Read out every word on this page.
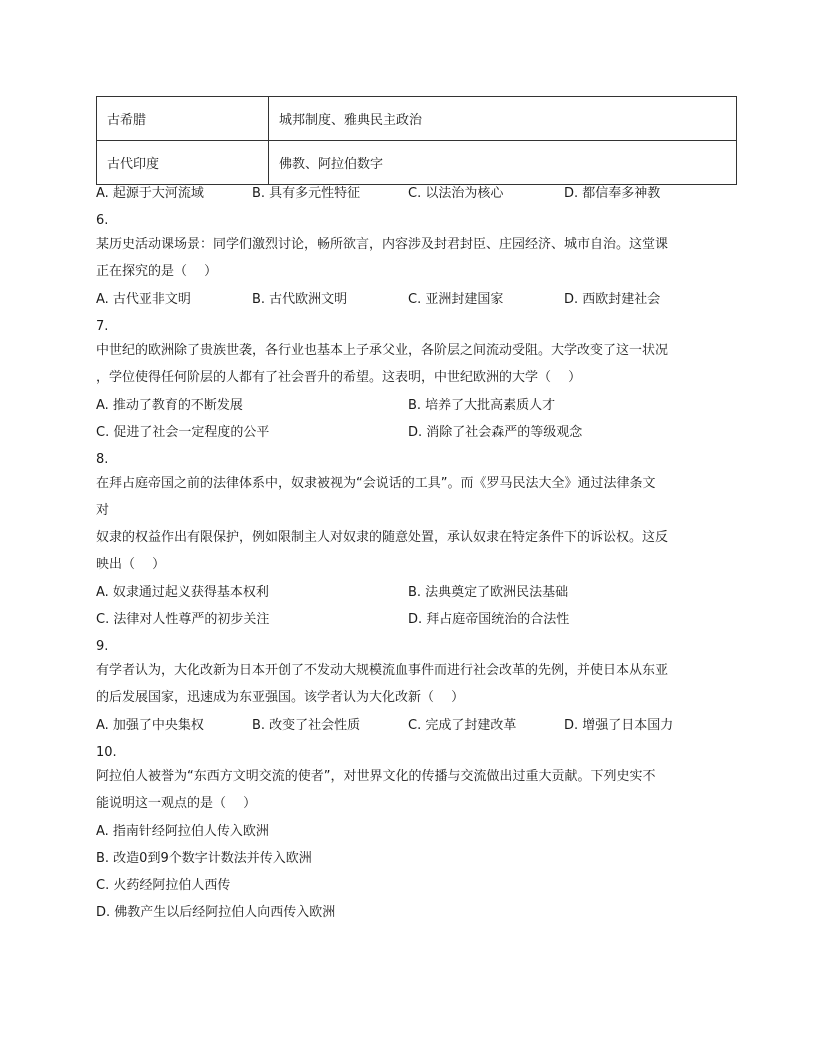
古希腊	城邦制度、雅典民主政治
古代印度	佛教、阿拉伯数字
A. 起源于大河流域	B. 具有多元性特征	C. 以法治为核心	D. 都信奉多神教
6.
某历史活动课场景：同学们激烈讨论，畅所欲言，内容涉及封君封臣、庄园经济、城市自治。这堂课
正在探究的是（　 ）
A. 古代亚非文明	B. 古代欧洲文明	C. 亚洲封建国家	D. 西欧封建社会
7.
中世纪的欧洲除了贵族世袭，各行业也基本上子承父业，各阶层之间流动受阻。大学改变了这一状况
，学位使得任何阶层的人都有了社会晋升的希望。这表明，中世纪欧洲的大学（　 ）
A. 推动了教育的不断发展	B. 培养了大批高素质人才
C. 促进了社会一定程度的公平	D. 消除了社会森严的等级观念
8.
在拜占庭帝国之前的法律体系中，奴隶被视为“会说话的工具”。而《罗马民法大全》通过法律条文
对
奴隶的权益作出有限保护，例如限制主人对奴隶的随意处置，承认奴隶在特定条件下的诉讼权。这反
映出（　 ）
A. 奴隶通过起义获得基本权利	B. 法典奠定了欧洲民法基础
C. 法律对人性尊严的初步关注	D. 拜占庭帝国统治的合法性
9.
有学者认为，大化改新为日本开创了不发动大规模流血事件而进行社会改革的先例，并使日本从东亚
的后发展国家，迅速成为东亚强国。该学者认为大化改新（　 ）
A. 加强了中央集权	B. 改变了社会性质	C. 完成了封建改革	D. 增强了日本国力
10.
阿拉伯人被誉为“东西方文明交流的使者”，对世界文化的传播与交流做出过重大贡献。下列史实不
能说明这一观点的是（　 ）
A. 指南针经阿拉伯人传入欧洲
B. 改造0到9个数字计数法并传入欧洲
C. 火药经阿拉伯人西传
D. 佛教产生以后经阿拉伯人向西传入欧洲
